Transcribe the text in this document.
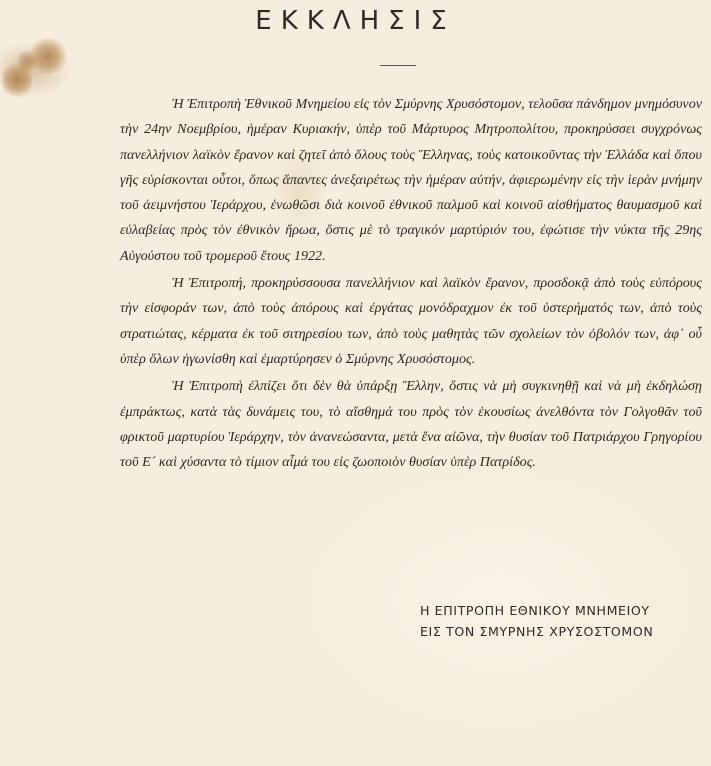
ΕΚΚΛΗΣΙΣ

Ἡ Ἐπιτροπὴ Ἐθνικοῦ Μνημείου εἰς τὸν Σμύρνης Χρυσόστομον, τελοῦσα πάνδημον μνημόσυνον τὴν 24ην Νοεμβρίου, ἡμέραν Κυριακήν, ὑπὲρ τοῦ Μάρτυρος Μητροπολίτου, προκηρύσσει συγχρόνως πανελλήνιον λαϊκὸν ἔρανον καὶ ζητεῖ ἀπὸ ὅλους τοὺς Ἕλληνας, τοὺς κατοικοῦντας τὴν Ἑλλάδα καὶ ὅπου γῆς εὑρίσκονται οὗτοι, ὅπως ἅπαντες ἀνεξαιρέτως τὴν ἡμέραν αὐτήν, ἀφιερωμένην εἰς τὴν ἱερὰν μνήμην τοῦ ἀειμνήστου Ἱεράρχου, ἑνωθῶσι διὰ κοινοῦ ἐθνικοῦ παλμοῦ καὶ κοινοῦ αἰσθήματος θαυμασμοῦ καὶ εὐλαβείας πρὸς τὸν ἐθνικὸν ἥρωα, ὅστις μὲ τὸ τραγικόν μαρτύριόν του, ἐφώτισε τὴν νύκτα τῆς 29ης Αὐγούστου τοῦ τρομεροῦ ἔτους 1922.

Ἡ Ἐπιτροπή, προκηρύσσουσα πανελλήνιον καὶ λαϊκὸν ἔρανον, προσδοκᾷ ἀπὸ τοὺς εὐπόρους τὴν εἰσφοράν των, ἀπὸ τοὺς ἀπόρους καὶ ἐργάτας μονόδραχμον ἐκ τοῦ ὑστερήματός των, ἀπὸ τοὺς στρατιώτας, κέρματα ἐκ τοῦ σιτηρεσίου των, ἀπὸ τοὺς μαθητὰς τῶν σχολείων τὸν ὀβολόν των, ἀφ᾿ οὗ ὑπὲρ ὅλων ἠγωνίσθη καὶ ἐμαρτύρησεν ὁ Σμύρνης Χρυσόστομος.

Ἡ Ἐπιτροπὴ ἐλπίζει ὅτι δὲν θὰ ὑπάρξῃ Ἕλλην, ὅστις νὰ μὴ συγκινηθῇ καὶ νὰ μὴ ἐκδηλώσῃ ἐμπράκτως, κατὰ τὰς δυνάμεις του, τὸ αἴσθημά του πρὸς τὸν ἑκουσίως ἀνελθόντα τὸν Γολγοθᾶν τοῦ φρικτοῦ μαρτυρίου Ἱεράρχην, τὸν ἀνανεώσαντα, μετὰ ἕνα αἰῶνα, τὴν θυσίαν τοῦ Πατριάρχου Γρηγορίου τοῦ Ε´ καὶ χύσαντα τὸ τίμιον αἷμά του εἰς ζωοποιὸν θυσίαν ὑπὲρ Πατρίδος.

Η ΕΠΙΤΡΟΠΗ ΕΘΝΙΚΟΥ ΜΝΗΜΕΙΟΥ
ΕΙΣ ΤΟΝ ΣΜΥΡΝΗΣ ΧΡΥΣΟΣΤΟΜΟΝ
